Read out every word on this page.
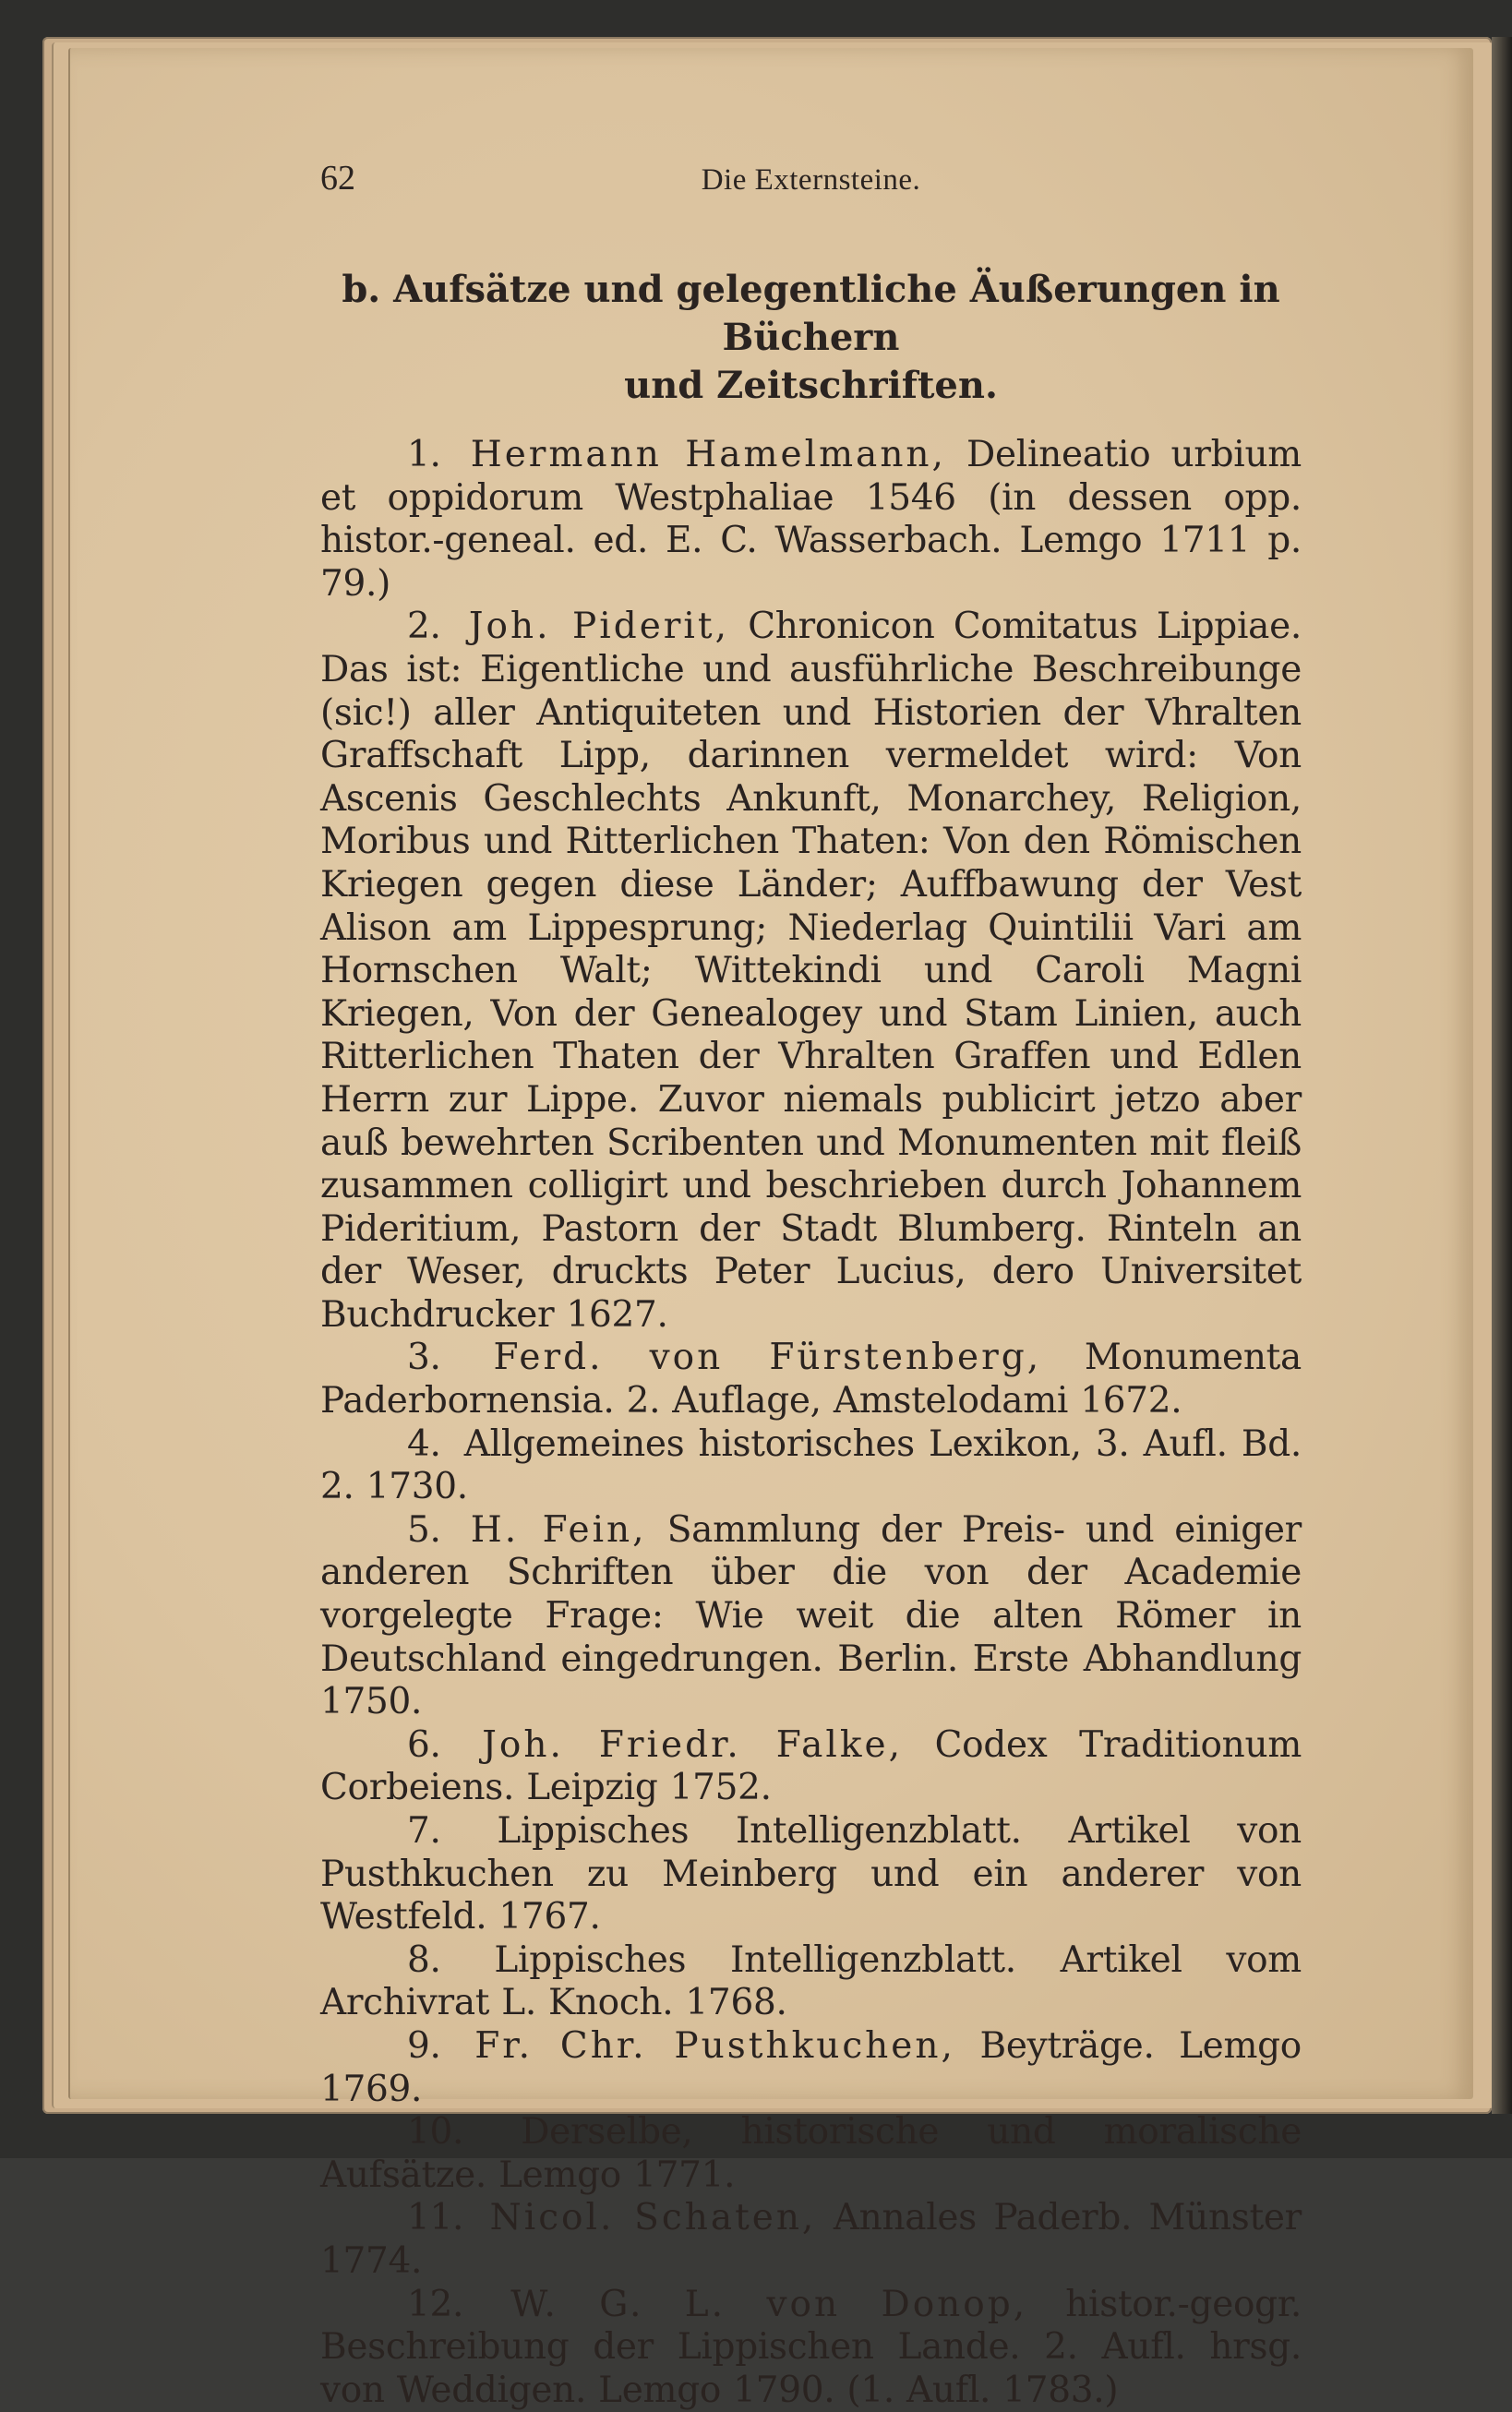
62	Die Externsteine.
b. Aufsätze und gelegentliche Äußerungen in Büchern
und Zeitschriften.

1. Hermann Hamelmann, Delineatio urbium et oppidorum Westphaliae 1546 (in dessen opp. histor.-geneal. ed. E. C. Wasserbach. Lemgo 1711 p. 79.)

2. Joh. Piderit, Chronicon Comitatus Lippiae. Das ist: Eigentliche und ausführliche Beschreibunge (sic!) aller Antiquiteten und Historien der Vhralten Graffschaft Lipp, darinnen vermeldet wird: Von Ascenis Geschlechts Ankunft, Monarchey, Religion, Moribus und Ritterlichen Thaten: Von den Römischen Kriegen gegen diese Länder; Auffbawung der Vest Alison am Lippesprung; Niederlag Quintilii Vari am Hornschen Walt; Wittekindi und Caroli Magni Kriegen, Von der Genealogey und Stam Linien, auch Ritterlichen Thaten der Vhralten Graffen und Edlen Herrn zur Lippe. Zuvor niemals publicirt jetzo aber auß bewehrten Scribenten und Monumenten mit fleiß zusammen colligirt und beschrieben durch Johannem Pideritium, Pastorn der Stadt Blumberg. Rinteln an der Weser, druckts Peter Lucius, dero Universitet Buchdrucker 1627.

3. Ferd. von Fürstenberg, Monumenta Paderbornensia. 2. Auflage, Amstelodami 1672.

4. Allgemeines historisches Lexikon, 3. Aufl. Bd. 2. 1730.

5. H. Fein, Sammlung der Preis- und einiger anderen Schriften über die von der Academie vorgelegte Frage: Wie weit die alten Römer in Deutschland eingedrungen. Berlin. Erste Abhandlung 1750.

6. Joh. Friedr. Falke, Codex Traditionum Corbeiens. Leipzig 1752.

7. Lippisches Intelligenzblatt. Artikel von Pusthkuchen zu Meinberg und ein anderer von Westfeld. 1767.

8. Lippisches Intelligenzblatt. Artikel vom Archivrat L. Knoch. 1768.

9. Fr. Chr. Pusthkuchen, Beyträge. Lemgo 1769.

10. Derselbe, historische und moralische Aufsätze. Lemgo 1771.

11. Nicol. Schaten, Annales Paderb. Münster 1774.

12. W. G. L. von Donop, histor.-geogr. Beschreibung der Lippischen Lande. 2. Aufl. hrsg. von Weddigen. Lemgo 1790. (1. Aufl. 1783.)
